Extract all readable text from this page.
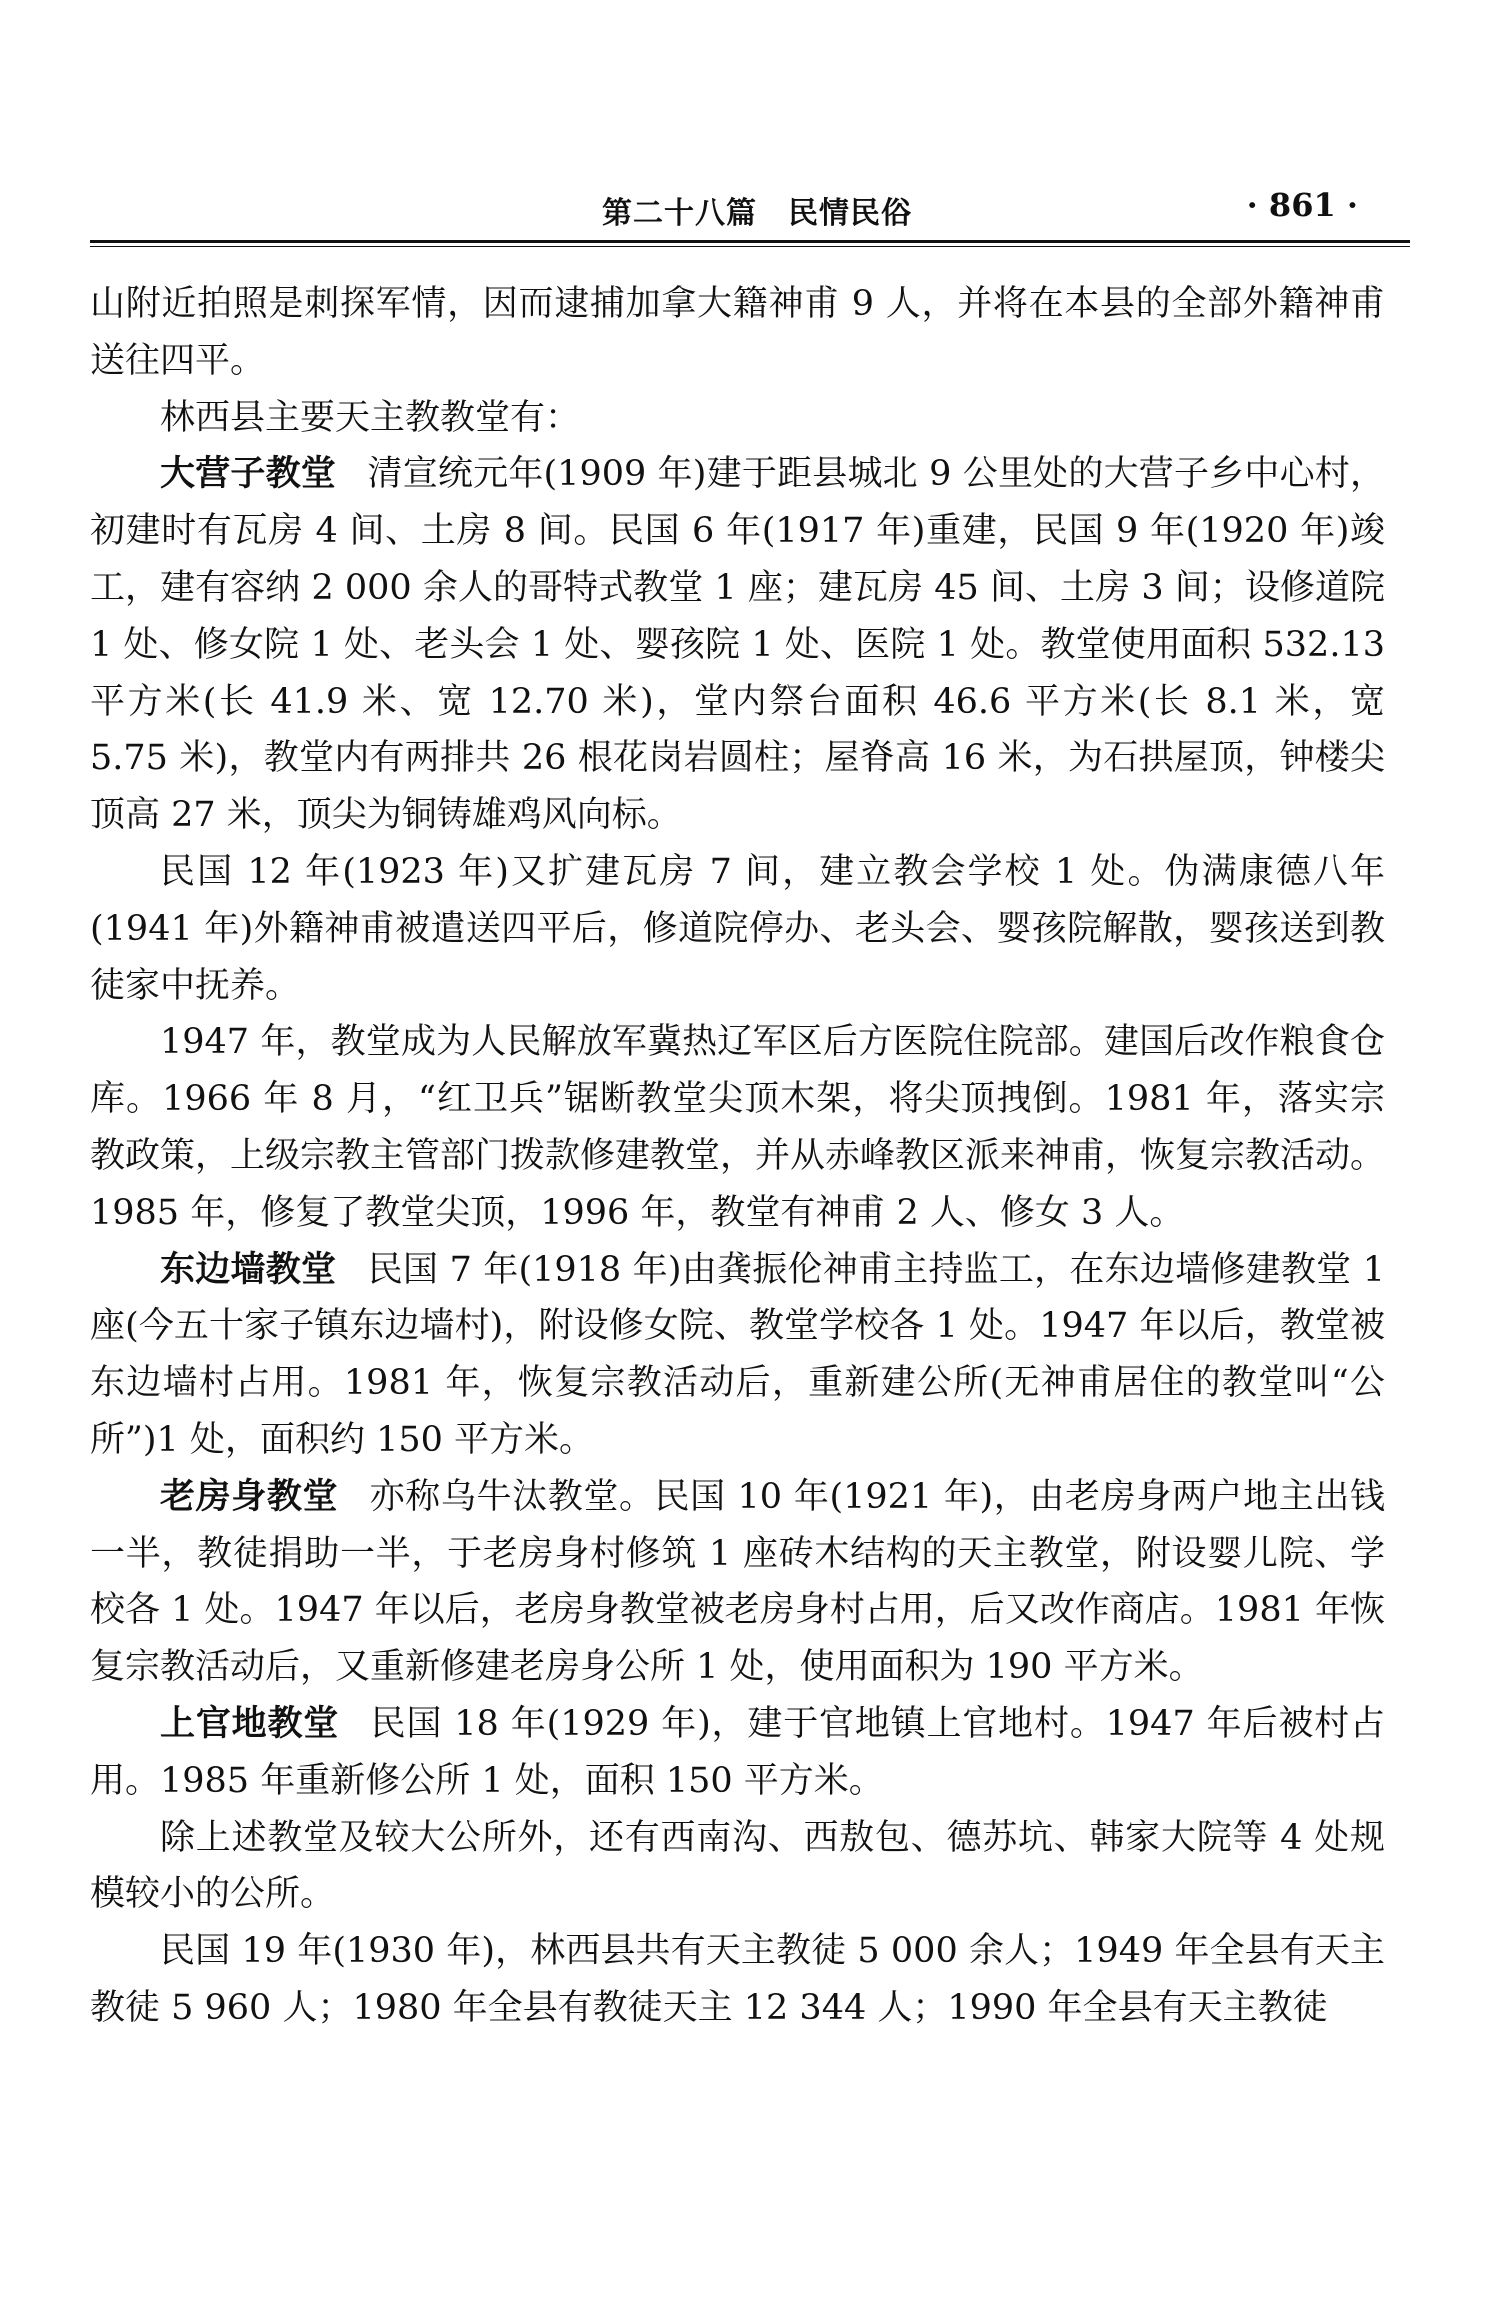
第二十八篇　民情民俗	· 861 ·

山附近拍照是刺探军情，因而逮捕加拿大籍神甫 9 人，并将在本县的全部外籍神甫送往四平。

林西县主要天主教教堂有：

大营子教堂 清宣统元年(1909 年)建于距县城北 9 公里处的大营子乡中心村，初建时有瓦房 4 间、土房 8 间。民国 6 年(1917 年)重建，民国 9 年(1920 年)竣工，建有容纳 2 000 余人的哥特式教堂 1 座；建瓦房 45 间、土房 3 间；设修道院 1 处、修女院 1 处、老头会 1 处、婴孩院 1 处、医院 1 处。教堂使用面积 532.13 平方米(长 41.9 米、宽 12.70 米)，堂内祭台面积 46.6 平方米(长 8.1 米，宽 5.75 米)，教堂内有两排共 26 根花岗岩圆柱；屋脊高 16 米，为石拱屋顶，钟楼尖顶高 27 米，顶尖为铜铸雄鸡风向标。

民国 12 年(1923 年)又扩建瓦房 7 间，建立教会学校 1 处。伪满康德八年(1941 年)外籍神甫被遣送四平后，修道院停办、老头会、婴孩院解散，婴孩送到教徒家中抚养。

1947 年，教堂成为人民解放军冀热辽军区后方医院住院部。建国后改作粮食仓库。1966 年 8 月，“红卫兵”锯断教堂尖顶木架，将尖顶拽倒。1981 年，落实宗教政策，上级宗教主管部门拨款修建教堂，并从赤峰教区派来神甫，恢复宗教活动。1985 年，修复了教堂尖顶，1996 年，教堂有神甫 2 人、修女 3 人。

东边墙教堂 民国 7 年(1918 年)由龚振伦神甫主持监工，在东边墙修建教堂 1 座(今五十家子镇东边墙村)，附设修女院、教堂学校各 1 处。1947 年以后，教堂被东边墙村占用。1981 年，恢复宗教活动后，重新建公所(无神甫居住的教堂叫“公所”)1 处，面积约 150 平方米。

老房身教堂 亦称乌牛汰教堂。民国 10 年(1921 年)，由老房身两户地主出钱一半，教徒捐助一半，于老房身村修筑 1 座砖木结构的天主教堂，附设婴儿院、学校各 1 处。1947 年以后，老房身教堂被老房身村占用，后又改作商店。1981 年恢复宗教活动后，又重新修建老房身公所 1 处，使用面积为 190 平方米。

上官地教堂 民国 18 年(1929 年)，建于官地镇上官地村。1947 年后被村占用。1985 年重新修公所 1 处，面积 150 平方米。

除上述教堂及较大公所外，还有西南沟、西敖包、德苏坑、韩家大院等 4 处规模较小的公所。

民国 19 年(1930 年)，林西县共有天主教徒 5 000 余人；1949 年全县有天主教徒 5 960 人；1980 年全县有教徒天主 12 344 人；1990 年全县有天主教徒
